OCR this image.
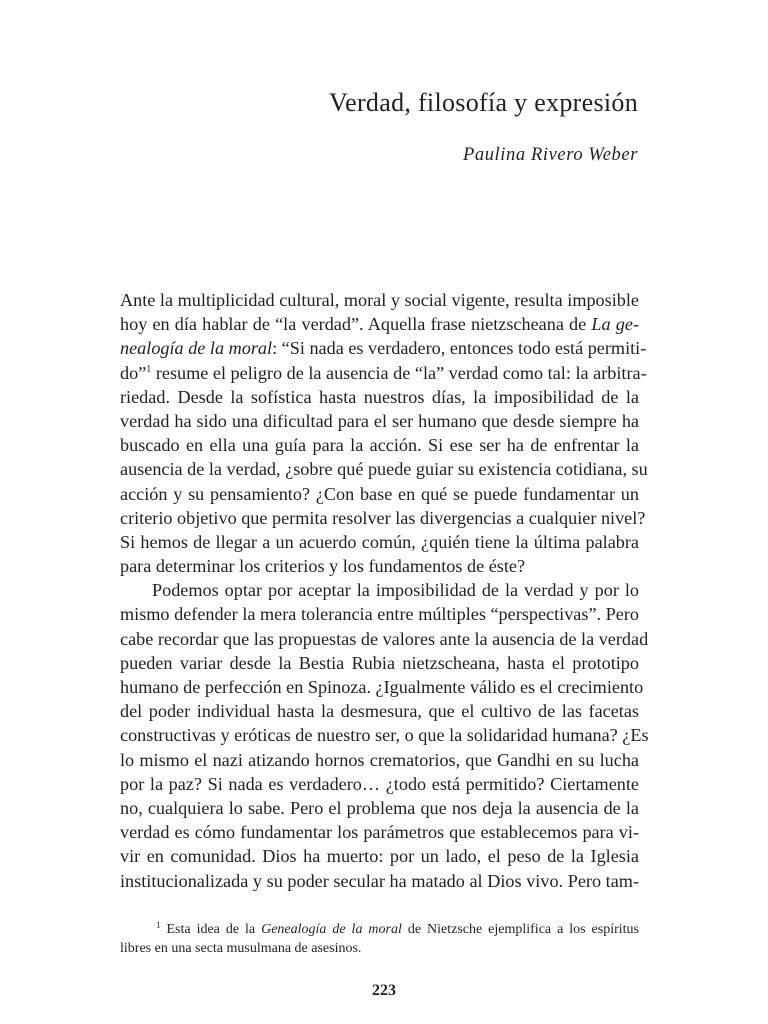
Verdad, filosofía y expresión

Paulina Rivero Weber

Ante la multiplicidad cultural, moral y social vigente, resulta imposible
hoy en día hablar de “la verdad”. Aquella frase nietzscheana de La ge-
nealogía de la moral: “Si nada es verdadero, entonces todo está permiti-
do”$^1$ resume el peligro de la ausencia de “la” verdad como tal: la arbitra-
riedad. Desde la sofística hasta nuestros días, la imposibilidad de la
verdad ha sido una dificultad para el ser humano que desde siempre ha
buscado en ella una guía para la acción. Si ese ser ha de enfrentar la
ausencia de la verdad, ¿sobre qué puede guiar su existencia cotidiana, su
acción y su pensamiento? ¿Con base en qué se puede fundamentar un
criterio objetivo que permita resolver las divergencias a cualquier nivel?
Si hemos de llegar a un acuerdo común, ¿quién tiene la última palabra
para determinar los criterios y los fundamentos de éste?
Podemos optar por aceptar la imposibilidad de la verdad y por lo
mismo defender la mera tolerancia entre múltiples “perspectivas”. Pero
cabe recordar que las propuestas de valores ante la ausencia de la verdad
pueden variar desde la Bestia Rubia nietzscheana, hasta el prototipo
humano de perfección en Spinoza. ¿Igualmente válido es el crecimiento
del poder individual hasta la desmesura, que el cultivo de las facetas
constructivas y eróticas de nuestro ser, o que la solidaridad humana? ¿Es
lo mismo el nazi atizando hornos crematorios, que Gandhi en su lucha
por la paz? Si nada es verdadero… ¿todo está permitido? Ciertamente
no, cualquiera lo sabe. Pero el problema que nos deja la ausencia de la
verdad es cómo fundamentar los parámetros que establecemos para vi-
vir en comunidad. Dios ha muerto: por un lado, el peso de la Iglesia
institucionalizada y su poder secular ha matado al Dios vivo. Pero tam-
$^1$ Esta idea de la Genealogía de la moral de Nietzsche ejemplifica a los espíritus
libres en una secta musulmana de asesinos.
223
